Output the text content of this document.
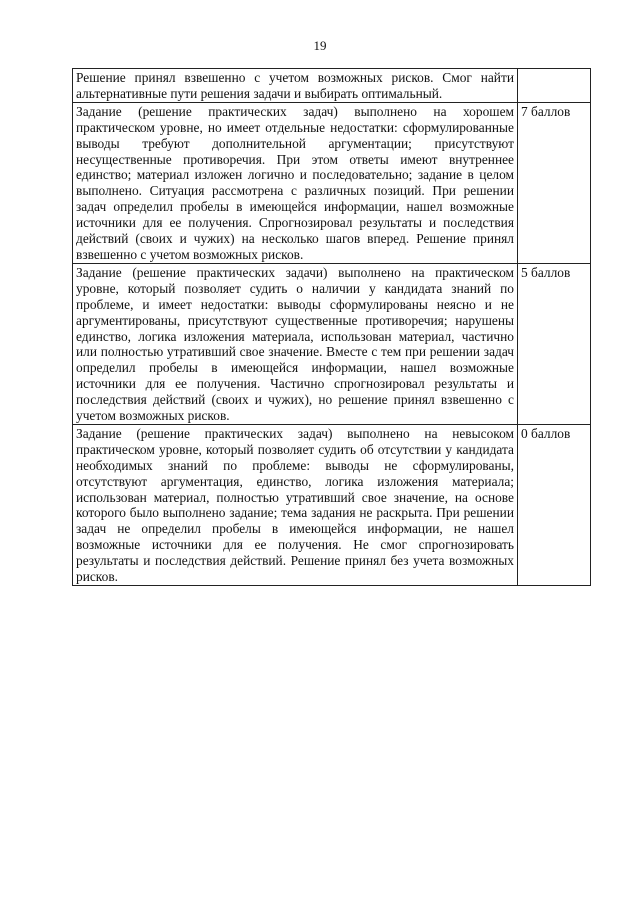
19
Решение принял взвешенно с учетом возможных рисков. Смог найти альтернативные пути решения задачи и выбирать оптимальный.	
Задание (решение практических задач) выполнено на хорошем практическом уровне, но имеет отдельные недостатки: сформулированные выводы требуют дополнительной аргументации; присутствуют несущественные противоречия. При этом ответы имеют внутреннее единство; материал изложен логично и последовательно; задание в целом выполнено. Ситуация рассмотрена с различных позиций. При решении задач определил пробелы в имеющейся информации, нашел возможные источники для ее получения. Спрогнозировал результаты и последствия действий (своих и чужих) на несколько шагов вперед. Решение принял взвешенно с учетом возможных рисков.	7 баллов
Задание (решение практических задачи) выполнено на практическом уровне, который позволяет судить о наличии у кандидата знаний по проблеме, и имеет недостатки: выводы сформулированы неясно и не аргументированы, присутствуют существенные противоречия; нарушены единство, логика изложения материала, использован материал, частично или полностью утративший свое значение. Вместе с тем при решении задач определил пробелы в имеющейся информации, нашел возможные источники для ее получения. Частично спрогнозировал результаты и последствия действий (своих и чужих), но решение принял взвешенно с учетом возможных рисков.	5 баллов
Задание (решение практических задач) выполнено на невысоком практическом уровне, который позволяет судить об отсутствии у кандидата необходимых знаний по проблеме: выводы не сформулированы, отсутствуют аргументация, единство, логика изложения материала; использован материал, полностью утративший свое значение, на основе которого было выполнено задание; тема задания не раскрыта. При решении задач не определил пробелы в имеющейся информации, не нашел возможные источники для ее получения. Не смог спрогнозировать результаты и последствия действий. Решение принял без учета возможных рисков.	0 баллов
